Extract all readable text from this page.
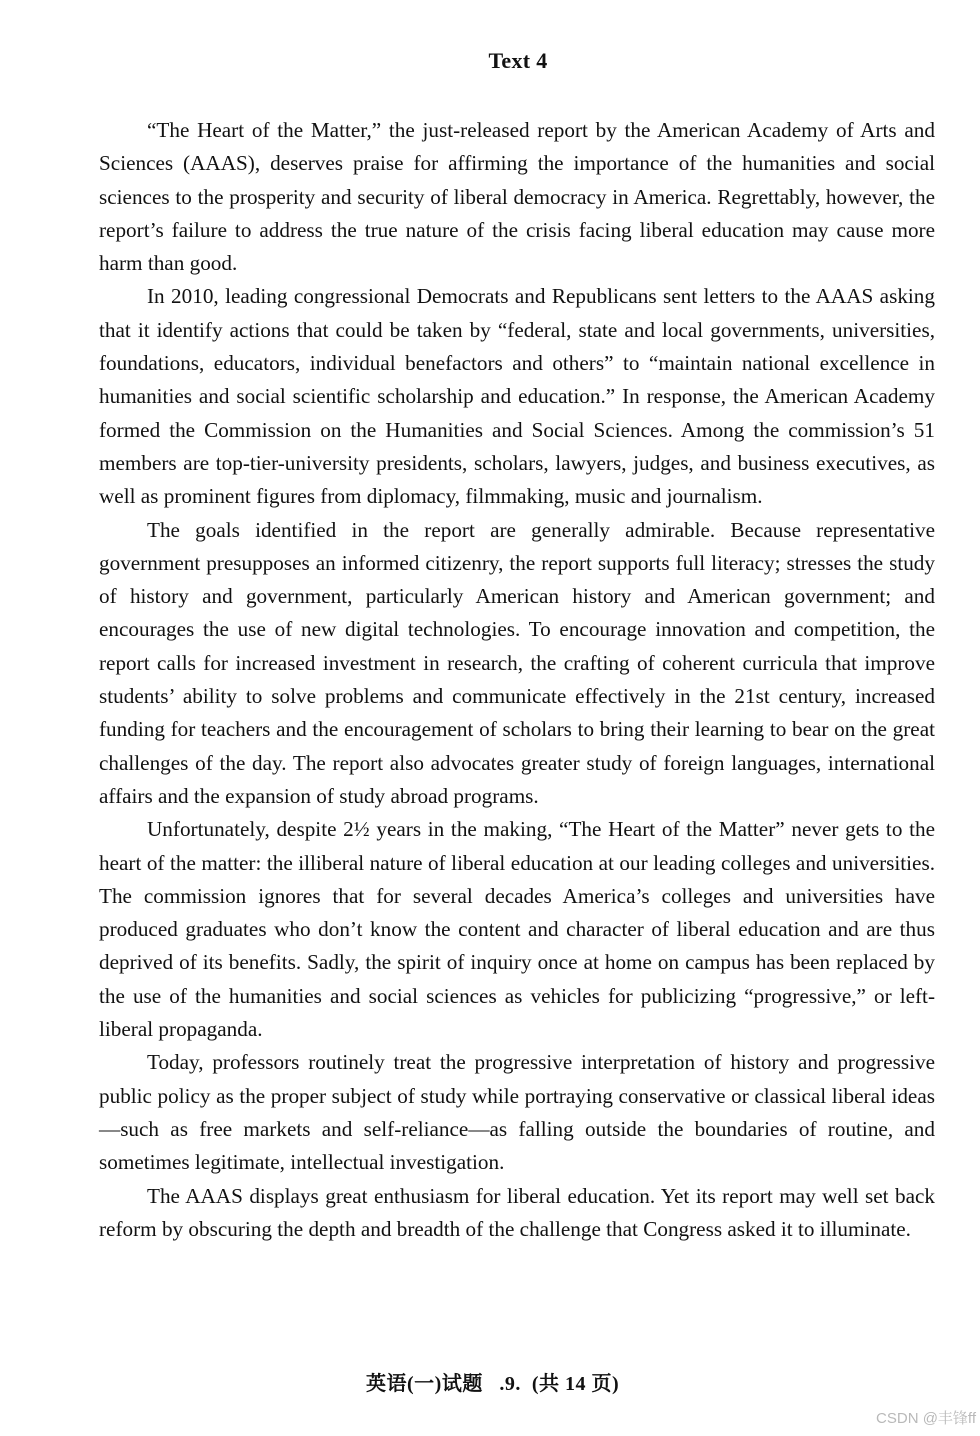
Text 4

“The Heart of the Matter,” the just-released report by the American Academy of Arts and Sciences (AAAS), deserves praise for affirming the importance of the humanities and social sciences to the prosperity and security of liberal democracy in America. Regrettably, however, the report’s failure to address the true nature of the crisis facing liberal education may cause more harm than good.

In 2010, leading congressional Democrats and Republicans sent letters to the AAAS asking that it identify actions that could be taken by “federal, state and local governments, universities, foundations, educators, individual benefactors and others” to “maintain national excellence in humanities and social scientific scholarship and education.” In response, the American Academy formed the Commission on the Humanities and Social Sciences. Among the commission’s 51 members are top-tier-university presidents, scholars, lawyers, judges, and business executives, as well as prominent figures from diplomacy, filmmaking, music and journalism.

The goals identified in the report are generally admirable. Because representative government presupposes an informed citizenry, the report supports full literacy; stresses the study of history and government, particularly American history and American government; and encourages the use of new digital technologies. To encourage innovation and competition, the report calls for increased investment in research, the crafting of coherent curricula that improve students’ ability to solve problems and communicate effectively in the 21st century, increased funding for teachers and the encouragement of scholars to bring their learning to bear on the great challenges of the day. The report also advocates greater study of foreign languages, international affairs and the expansion of study abroad programs.

Unfortunately, despite 2½ years in the making, “The Heart of the Matter” never gets to the heart of the matter: the illiberal nature of liberal education at our leading colleges and universities. The commission ignores that for several decades America’s colleges and universities have produced graduates who don’t know the content and character of liberal education and are thus deprived of its benefits. Sadly, the spirit of inquiry once at home on campus has been replaced by the use of the humanities and social sciences as vehicles for publicizing “progressive,” or left-liberal propaganda.

Today, professors routinely treat the progressive interpretation of history and progressive public policy as the proper subject of study while portraying conservative or classical liberal ideas—such as free markets and self-reliance—as falling outside the boundaries of routine, and sometimes legitimate, intellectual investigation.

The AAAS displays great enthusiasm for liberal education. Yet its report may well set back reform by obscuring the depth and breadth of the challenge that Congress asked it to illuminate.

英语(一)试题   .9.  (共 14 页)
CSDN @丰锋ff
